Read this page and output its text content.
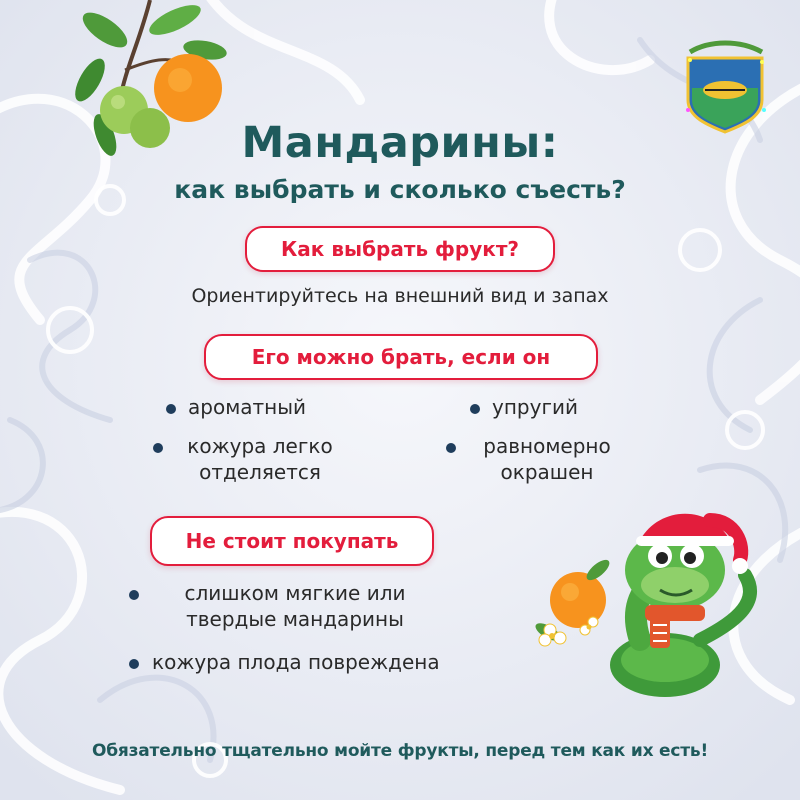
Мандарины:
как выбрать и сколько съесть?
Как выбрать фрукт?
Ориентируйтесь на внешний вид и запах
Его можно брать, если он
ароматный	упругий
кожура легко
отделяется
равномерно
окрашен
Не стоит покупать
слишком мягкие или
твердые мандарины
кожура плода повреждена
Обязательно тщательно мойте фрукты, перед тем как их есть!
